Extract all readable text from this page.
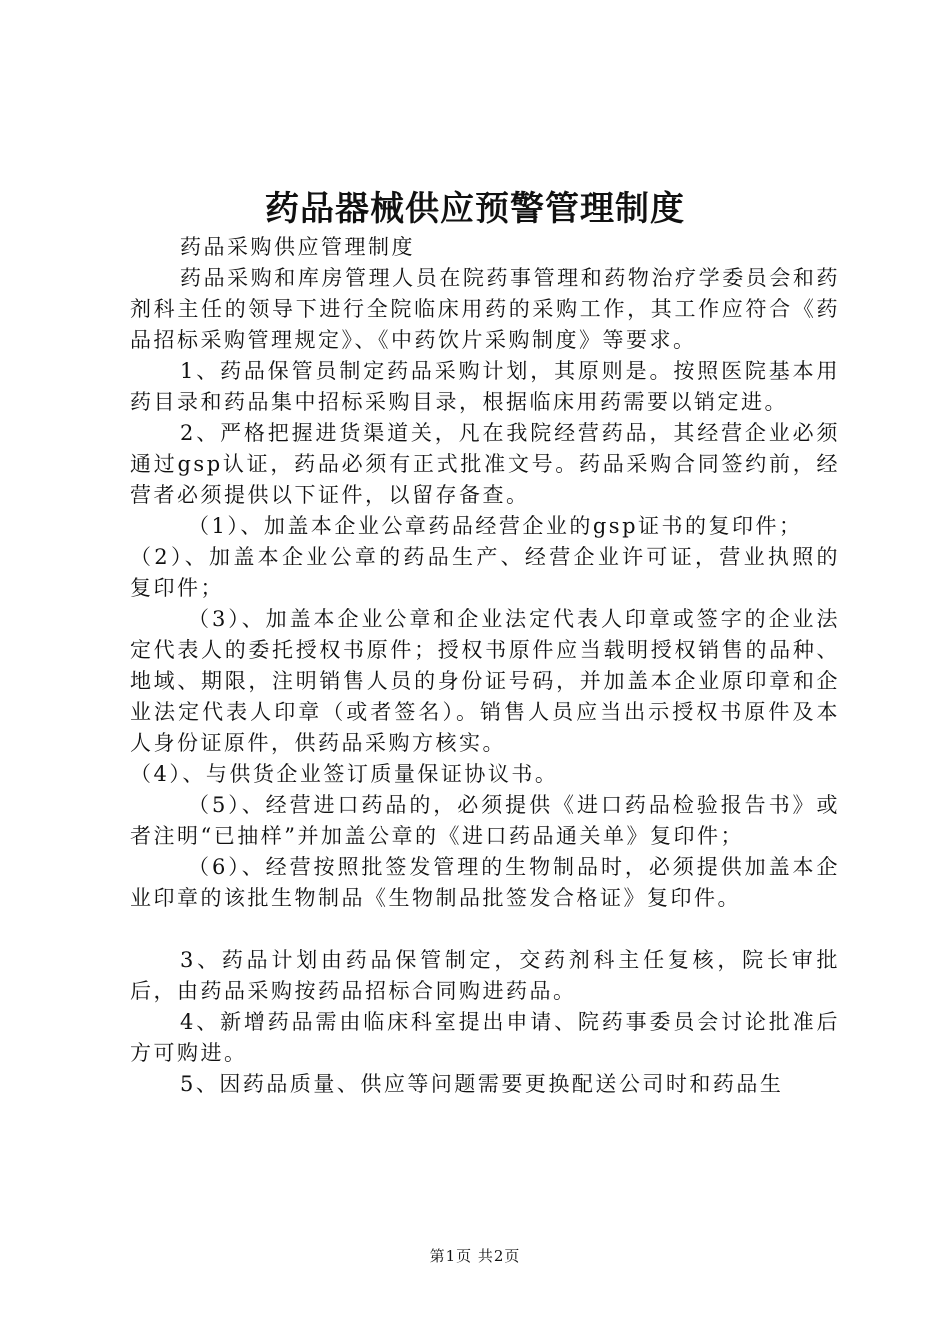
药品器械供应预警管理制度

药品采购供应管理制度

药品采购和库房管理人员在院药事管理和药物治疗学委员会和药剂科主任的领导下进行全院临床用药的采购工作，其工作应符合《药品招标采购管理规定》、《中药饮片采购制度》等要求。

1、药品保管员制定药品采购计划，其原则是。按照医院基本用药目录和药品集中招标采购目录，根据临床用药需要以销定进。

2、严格把握进货渠道关，凡在我院经营药品，其经营企业必须通过gsp认证，药品必须有正式批准文号。药品采购合同签约前，经营者必须提供以下证件，以留存备查。

（1）、加盖本企业公章药品经营企业的gsp证书的复印件；

（2）、加盖本企业公章的药品生产、经营企业许可证，营业执照的复印件；

（3）、加盖本企业公章和企业法定代表人印章或签字的企业法定代表人的委托授权书原件；授权书原件应当载明授权销售的品种、地域、期限，注明销售人员的身份证号码，并加盖本企业原印章和企业法定代表人印章（或者签名）。销售人员应当出示授权书原件及本人身份证原件，供药品采购方核实。

（4）、与供货企业签订质量保证协议书。

（5）、经营进口药品的，必须提供《进口药品检验报告书》或者注明“已抽样”并加盖公章的《进口药品通关单》复印件；

（6）、经营按照批签发管理的生物制品时，必须提供加盖本企业印章的该批生物制品《生物制品批签发合格证》复印件。

3、药品计划由药品保管制定，交药剂科主任复核，院长审批后，由药品采购按药品招标合同购进药品。

4、新增药品需由临床科室提出申请、院药事委员会讨论批准后方可购进。

5、因药品质量、供应等问题需要更换配送公司时和药品生

第1页 共2页
